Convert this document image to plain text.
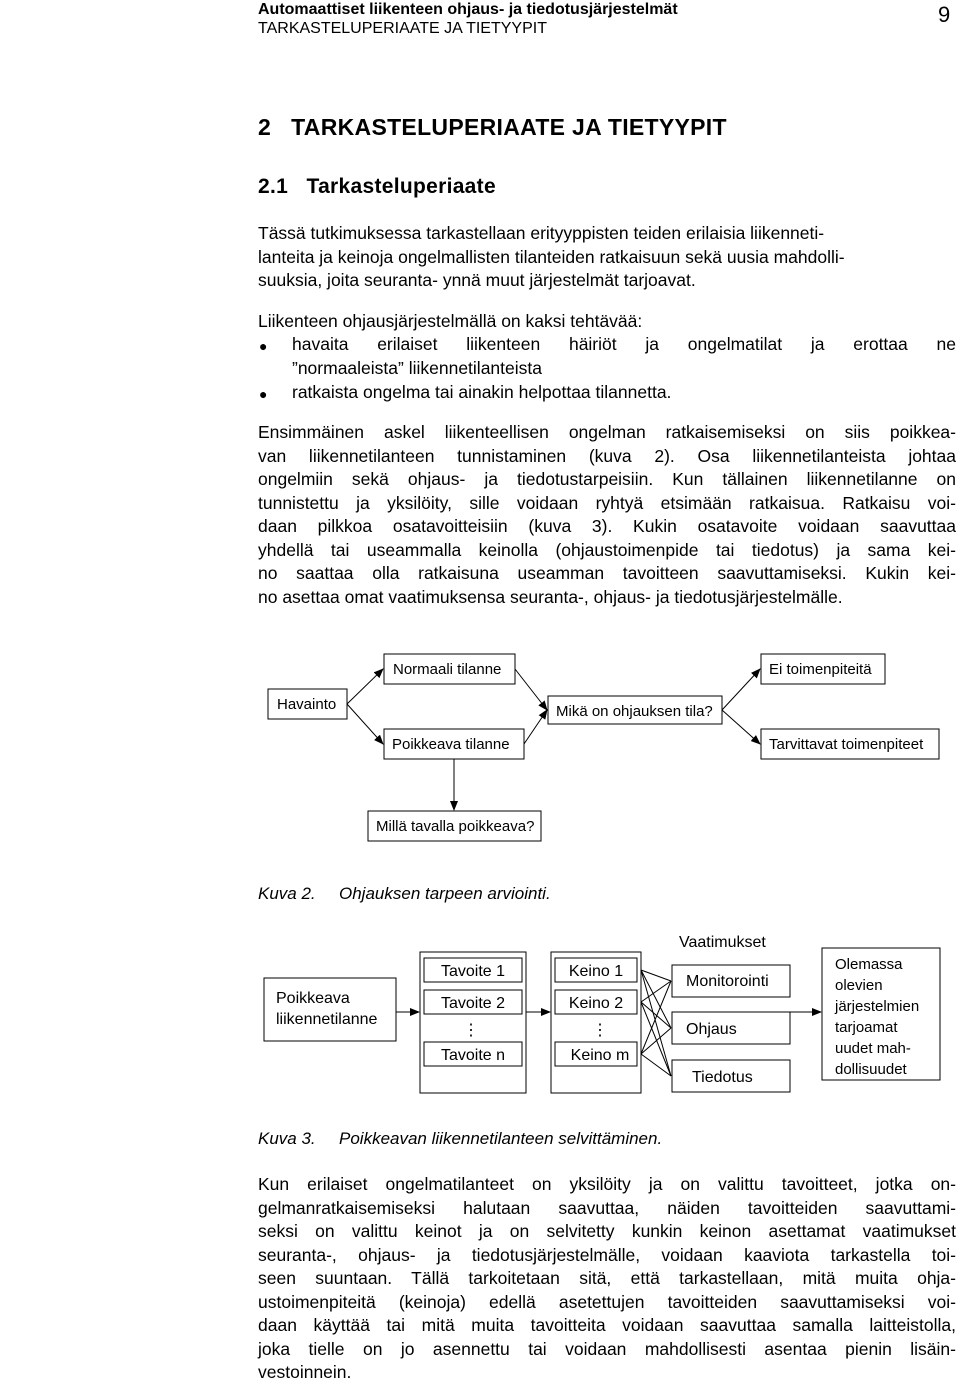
Automaattiset liikenteen ohjaus- ja tiedotusjärjestelmät
TARKASTELUPERIAATE JA TIETYYPIT
9
2   TARKASTELUPERIAATE JA TIETYYPIT
2.1   Tarkasteluperiaate
Tässä tutkimuksessa tarkastellaan erityyppisten teiden erilaisia liikenneti-
lanteita ja keinoja ongelmallisten tilanteiden ratkaisuun sekä uusia mahdolli-
suuksia, joita seuranta- ynnä muut järjestelmät tarjoavat.
Liikenteen ohjausjärjestelmällä on kaksi tehtävää:
● havaita erilaiset liikenteen häiriöt ja ongelmatilat ja erottaa ne
”normaaleista” liikennetilanteista
● ratkaista ongelma tai ainakin helpottaa tilannetta.
Ensimmäinen askel liikenteellisen ongelman ratkaisemiseksi on siis poikkea-
van liikennetilanteen tunnistaminen (kuva 2). Osa liikennetilanteista johtaa
ongelmiin sekä ohjaus- ja tiedotustarpeisiin. Kun tällainen liikennetilanne on
tunnistettu ja yksilöity, sille voidaan ryhtyä etsimään ratkaisua. Ratkaisu voi-
daan pilkkoa osatavoitteisiin (kuva 3). Kukin osatavoite voidaan saavuttaa
yhdellä tai useammalla keinolla (ohjaustoimenpide tai tiedotus) ja sama kei-
no saattaa olla ratkaisuna useamman tavoitteen saavuttamiseksi. Kukin kei-
no asettaa omat vaatimuksensa seuranta-, ohjaus- ja tiedotusjärjestelmälle.
Normaali tilanne	Ei toimenpiteitä
Havainto	Mikä on ohjauksen tila?
Poikkeava tilanne	Tarvittavat toimenpiteet
Millä tavalla poikkeava?
Kuva 2. Ohjauksen tarpeen arviointi.
Poikkeava
liikennetilanne
Tavoite 1
Tavoite 2
⋮
Tavoite n
Keino 1
Keino 2
⋮
Keino m
Vaatimukset
Monitorointi
Ohjaus
Tiedotus
Olemassa
olevien
järjestelmien
tarjoamat
uudet mah-
dollisuudet
Kuva 3. Poikkeavan liikennetilanteen selvittäminen.
Kun erilaiset ongelmatilanteet on yksilöity ja on valittu tavoitteet, jotka on-
gelmanratkaisemiseksi halutaan saavuttaa, näiden tavoitteiden saavuttami-
seksi on valittu keinot ja on selvitetty kunkin keinon asettamat vaatimukset
seuranta-, ohjaus- ja tiedotusjärjestelmälle, voidaan kaaviota tarkastella toi-
seen suuntaan. Tällä tarkoitetaan sitä, että tarkastellaan, mitä muita ohja-
ustoimenpiteitä (keinoja) edellä asetettujen tavoitteiden saavuttamiseksi voi-
daan käyttää tai mitä muita tavoitteita voidaan saavuttaa samalla laitteistolla,
joka tielle on jo asennettu tai voidaan mahdollisesti asentaa pienin lisäin-
vestoinnein.
